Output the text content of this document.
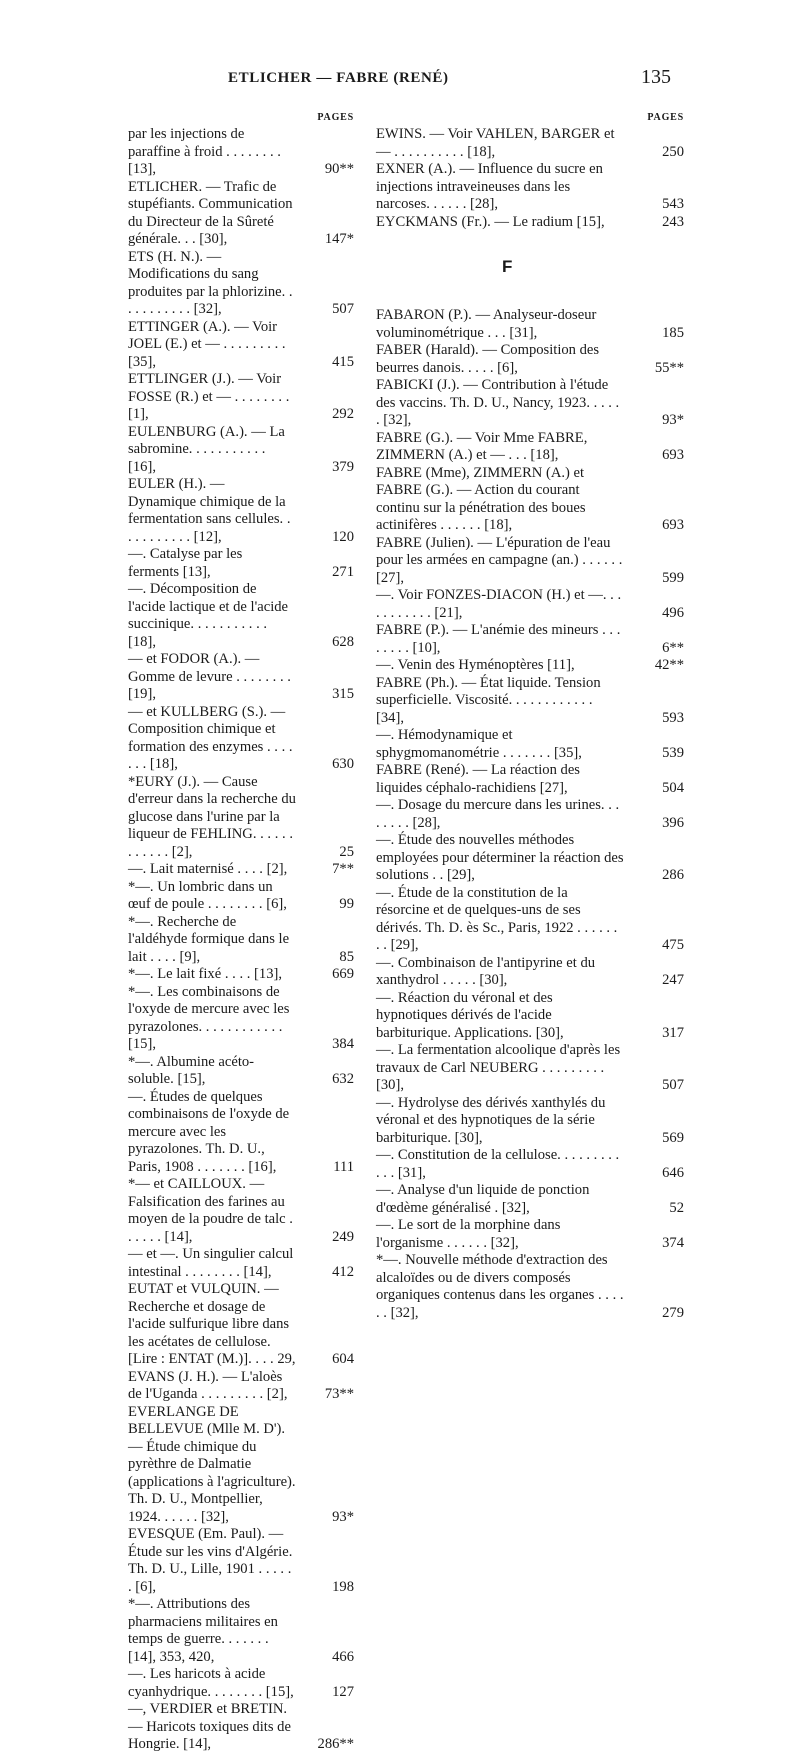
ETLICHER — FABRE (RENÉ)	135
PAGES
par les injections de paraffine à froid . . . . . . . . [13],	90**
ETLICHER. — Trafic de stupéfiants. Communication du Directeur de la Sûreté générale. . . [30],	147*
ETS (H. N.). — Modifications du sang produites par la phlorizine. . . . . . . . . . . [32],	507
ETTINGER (A.). — Voir JOEL (E.) et — . . . . . . . . . [35],	415
ETTLINGER (J.). — Voir FOSSE (R.) et — . . . . . . . . [1],	292
EULENBURG (A.). — La sabromine. . . . . . . . . . . [16],	379
EULER (H.). — Dynamique chimique de la fermentation sans cellules. . . . . . . . . . . [12],	120
—. Catalyse par les ferments [13],	271
—. Décomposition de l'acide lactique et de l'acide succinique. . . . . . . . . . . [18],	628
— et FODOR (A.). — Gomme de levure . . . . . . . . [19],	315
— et KULLBERG (S.). — Composition chimique et formation des enzymes . . . . . . . [18],	630
*EURY (J.). — Cause d'erreur dans la recherche du glucose dans l'urine par la liqueur de FEHLING. . . . . . . . . . . . [2],	25
—. Lait maternisé . . . . [2],	7**
*—. Un lombric dans un œuf de poule . . . . . . . . [6],	99
*—. Recherche de l'aldéhyde formique dans le lait . . . . [9],	85
*—. Le lait fixé . . . . [13],	669
*—. Les combinaisons de l'oxyde de mercure avec les pyrazolones. . . . . . . . . . . . [15],	384
*—. Albumine acéto-soluble. [15],	632
—. Études de quelques combinaisons de l'oxyde de mercure avec les pyrazolones. Th. D. U., Paris, 1908 . . . . . . . [16],	111
*— et CAILLOUX. — Falsification des farines au moyen de la poudre de talc . . . . . . [14],	249
— et —. Un singulier calcul intestinal . . . . . . . . [14],	412
EUTAT et VULQUIN. — Recherche et dosage de l'acide sulfurique libre dans les acétates de cellulose. [Lire : ENTAT (M.)]. . . . 29,	604
EVANS (J. H.). — L'aloès de l'Uganda . . . . . . . . . [2],	73**
EVERLANGE DE BELLEVUE (Mlle M. D'). — Étude chimique du pyrèthre de Dalmatie (applications à l'agriculture). Th. D. U., Montpellier, 1924. . . . . . [32],	93*
EVESQUE (Em. Paul). — Étude sur les vins d'Algérie. Th. D. U., Lille, 1901 . . . . . . [6],	198
*—. Attributions des pharmaciens militaires en temps de guerre. . . . . . . [14], 353, 420,	466
—. Les haricots à acide cyanhydrique. . . . . . . . [15],	127
—, VERDIER et BRETIN. — Haricots toxiques dits de Hongrie. [14],	286**
PAGES
EWINS. — Voir VAHLEN, BARGER et — . . . . . . . . . . [18],	250
EXNER (A.). — Influence du sucre en injections intraveineuses dans les narcoses. . . . . . [28],	543
EYCKMANS (Fr.). — Le radium [15],	243
F
FABARON (P.). — Analyseur-doseur voluminométrique . . . [31],	185
FABER (Harald). — Composition des beurres danois. . . . . [6],	55**
FABICKI (J.). — Contribution à l'étude des vaccins. Th. D. U., Nancy, 1923. . . . . . [32],	93*
FABRE (G.). — Voir Mme FABRE, ZIMMERN (A.) et — . . . [18],	693
FABRE (Mme), ZIMMERN (A.) et FABRE (G.). — Action du courant continu sur la pénétration des boues actinifères . . . . . . [18],	693
FABRE (Julien). — L'épuration de l'eau pour les armées en campagne (an.) . . . . . . [27],	599
—. Voir FONZES-DIACON (H.) et —. . . . . . . . . . . [21],	496
FABRE (P.). — L'anémie des mineurs . . . . . . . . [10],	6**
—. Venin des Hyménoptères [11],	42**
FABRE (Ph.). — État liquide. Tension superficielle. Viscosité. . . . . . . . . . . . [34],	593
—. Hémodynamique et sphygmomanométrie . . . . . . . [35],	539
FABRE (René). — La réaction des liquides céphalo-rachidiens [27],	504
—. Dosage du mercure dans les urines. . . . . . . . [28],	396
—. Étude des nouvelles méthodes employées pour déterminer la réaction des solutions . . [29],	286
—. Étude de la constitution de la résorcine et de quelques-uns de ses dérivés. Th. D. ès Sc., Paris, 1922 . . . . . . . . [29],	475
—. Combinaison de l'antipyrine et du xanthydrol . . . . . [30],	247
—. Réaction du véronal et des hypnotiques dérivés de l'acide barbiturique. Applications. [30],	317
—. La fermentation alcoolique d'après les travaux de Carl NEUBERG . . . . . . . . . [30],	507
—. Hydrolyse des dérivés xanthylés du véronal et des hypnotiques de la série barbiturique. [30],	569
—. Constitution de la cellulose. . . . . . . . . . . . [31],	646
—. Analyse d'un liquide de ponction d'œdème généralisé . [32],	52
—. Le sort de la morphine dans l'organisme . . . . . . [32],	374
*—. Nouvelle méthode d'extraction des alcaloïdes ou de divers composés organiques contenus dans les organes . . . . . . [32],	279
